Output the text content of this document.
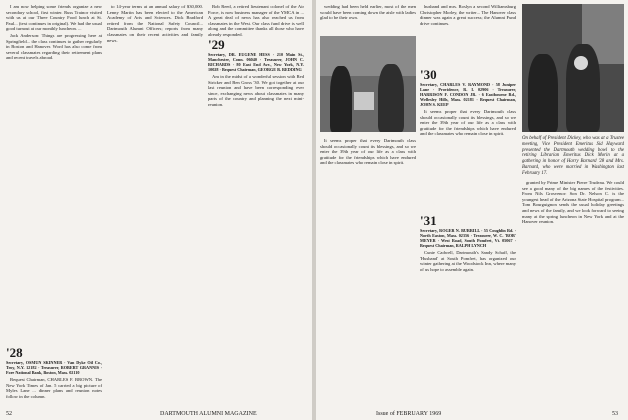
I am now helping some friends organize a new secondary school, first winter. Russ Trainor visited with us at our Three Country Food lunch at St. Paul... (text continues in original). We had the usual good turnout at our monthly luncheon. ...

Jack Anderson: Things are progressing here at Springfield... the class continues to gather regularly in Boston and Hanover. Word has also come from several classmates regarding their retirement plans and recent travels abroad.

'28
Secretary, OSMUN SKINNER · Van Dyke Oil Co., Troy, N.Y. 12182 · Treasurer, ROBERT GRANNIS · Fore National Bank, Boston, Mass. 02110

Bequest Chairman, CHARLES F. BROWN. The New York Times of Jan. 5 carried a big picture of Myles Lane ... dinner plans and reunion notes follow in the column.

to 14-year terms at an annual salary of $30,000. Lenny Martin has been elected to the American Academy of Arts and Sciences. Dick Bradford retired from the National Safety Council... Dartmouth Alumni Officers; reports from many classmates on their recent activities and family news.

Bob Reed, a retired lieutenant colonel of the Air Force, is now business manager of the YMCA in ... A great deal of news has also reached us from classmates in the West. Our class fund drive is well along and the committee thanks all those who have already responded.

'29
Secretary, DR. EUGENE HESS · 210 Main St., Manchester, Conn. 06040 · Treasurer, JOHN C. RICHARDS · 80 East End Ave., New York, N.Y. 10028 · Bequest Chairman, GEORGE B. REDDING

Am in the midst of a wonderful session with Red Stricker and Ben Gross '30. We got together at our last reunion and have been corresponding ever since, exchanging news about classmates in many parts of the country and planning the next mini-reunion.

52	DARTMOUTH ALUMNI MAGAZINE

wedding had been held earlier, most of the men would have been coming down the aisle with ladies glad to be their own.

husband and mrs. Roslyn a second Williamsburg Christopher Morley, the writer... The Hanover class dinner was again a great success; the Alumni Fund drive continues.

'30
Secretary, CHARLES V. RAYMOND · 58 Juniper Lane · Providence, R. I. 02906 · Treasurer, HARRISON F. CONDON JR. · 6 Eastbourne Rd., Wellesley Hills, Mass. 02181 · Bequest Chairman, JOHN S. KEEP

It seems proper that every Dartmouth class should occasionally count its blessings, and so we enter the 39th year of our life as a class with gratitude for the friendships which have endured and the classmates who remain close in spirit.

It seems proper that every Dartmouth class should occasionally count its blessings, and so we enter the 39th year of our life as a class with gratitude for the friendships which have endured and the classmates who remain close in spirit.

'31
Secretary, ROGER N. BURRILL · 55 Coughlin Rd. · North Easton, Mass. 02356 · Treasurer, W. C. 'BOB' MEYER · West Road, South Pomfret, Vt. 05067 · Bequest Chairman, RALPH LYNCH

Cunie Cadwell, Dartmouth's Sandy Schaff, the 'Husband' at South Pomfret, has organized our winter gathering at the Woodstock Inn, where many of us hope to assemble again.

On behalf of President Dickey, who was at a Trustee meeting, Vice President Emeritus Sid Hayward presented the Dartmouth wedding bowl to the retiring Librarian Emeritus Dick Morin at a gathering in honor of Harry Barnard '28 and Mrs. Barnard, who were married in Washington last February 17.

granted by Prime Minister Pierre Trudeau. We could see a good many of the big names of the festivities. From Nils Grosvenor: Son Dr. Nelson C. is the youngest head of the Arizona State Hospital program... Tom Bourguignon sends the usual holiday greetings and news of the family, and we look forward to seeing many at the spring luncheon in New York and at the Hanover reunion.

Issue of FEBRUARY 1969	53
